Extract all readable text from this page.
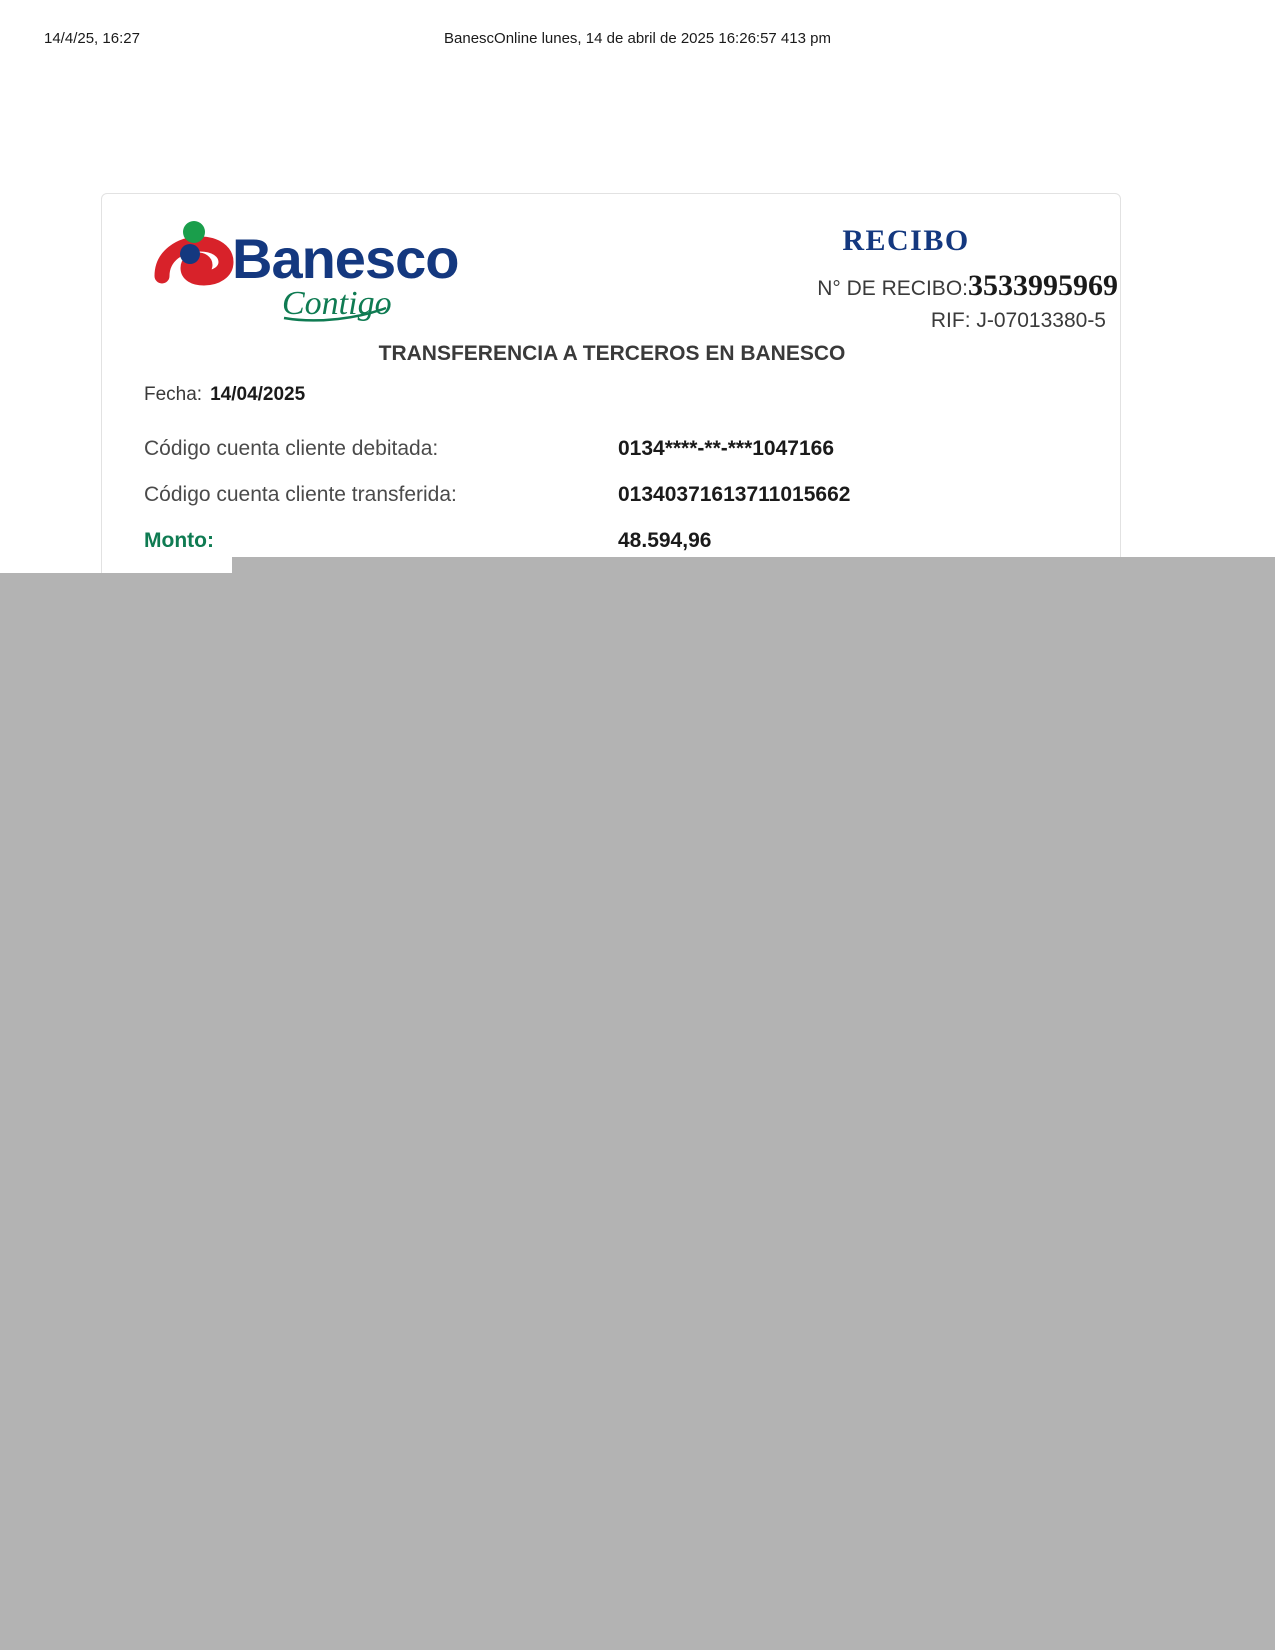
14/4/25, 16:27	BanescOnline lunes, 14 de abril de 2025 16:26:57 413 pm
Banesco
Contigo
RECIBO
N° DE RECIBO:3533995969
RIF: J-07013380-5
TRANSFERENCIA A TERCEROS EN BANESCO
Fecha: 14/04/2025
Código cuenta cliente debitada:	0134****-**-***1047166
Código cuenta cliente transferida:	01340371613711015662
Monto:	48.594,96
